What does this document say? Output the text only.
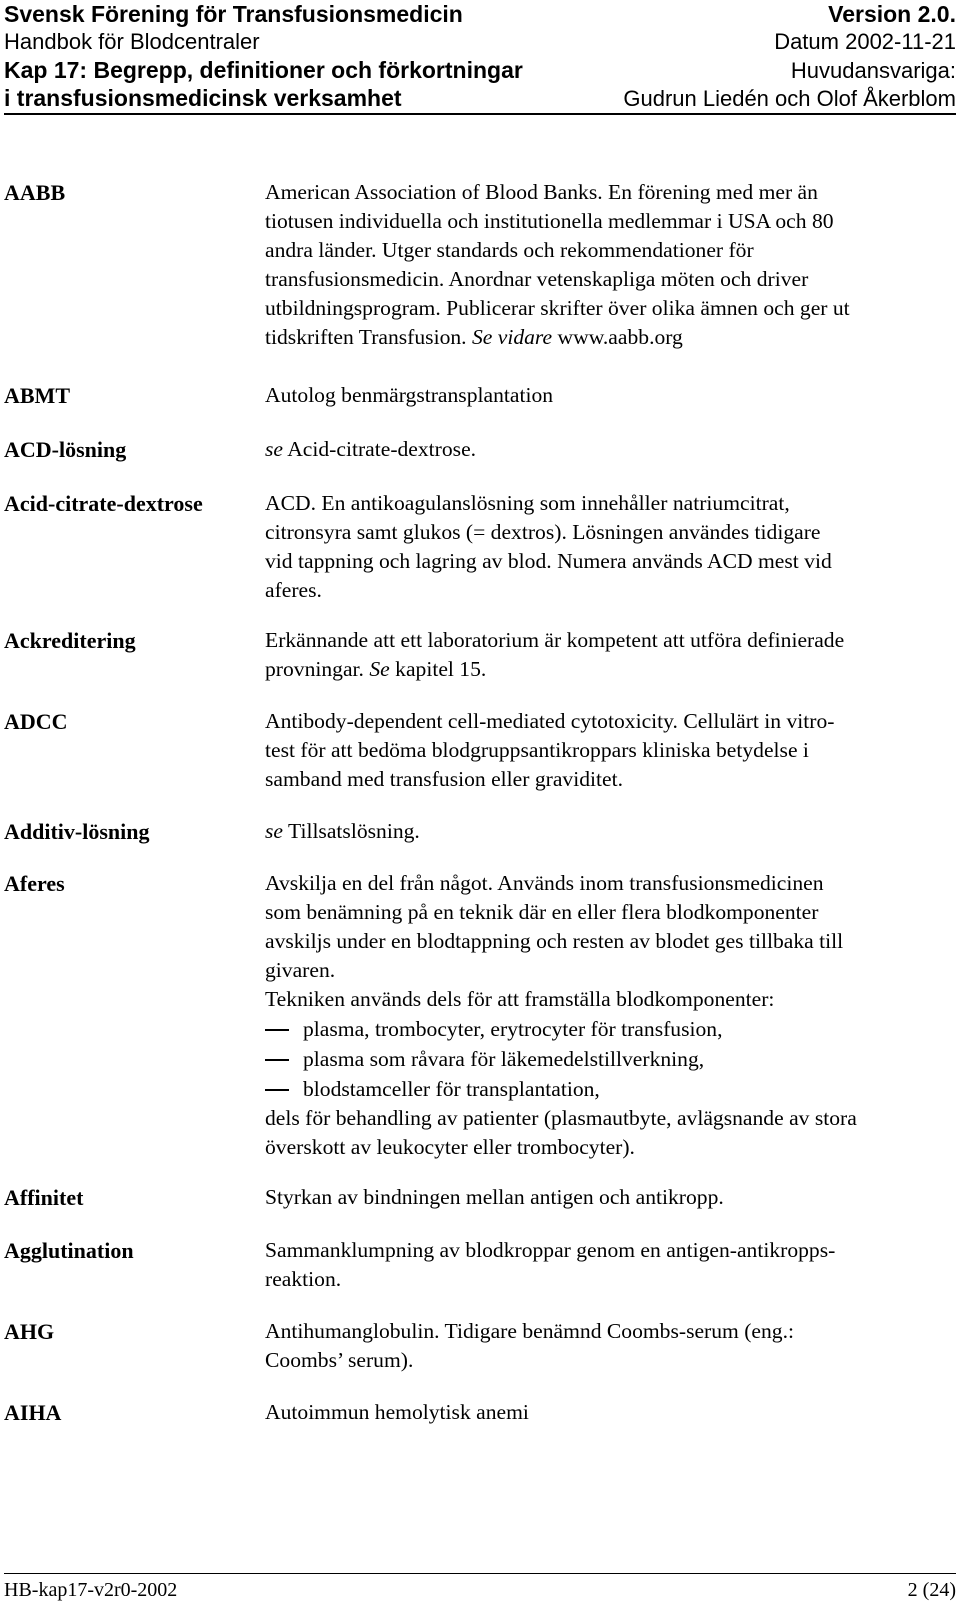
Svensk Förening för Transfusionsmedicin	Version 2.0.
Handbok för Blodcentraler	Datum 2002-11-21
Kap 17: Begrepp, definitioner och förkortningar	Huvudansvariga:
i transfusionsmedicinsk verksamhet	Gudrun Liedén och Olof Åkerblom
AABB	American Association of Blood Banks. En förening med mer än
tiotusen individuella och institutionella medlemmar i USA och 80
andra länder. Utger standards och rekommendationer för
transfusionsmedicin. Anordnar vetenskapliga möten och driver
utbildningsprogram. Publicerar skrifter över olika ämnen och ger ut
tidskriften Transfusion. Se vidare www.aabb.org
ABMT	Autolog benmärgstransplantation
ACD-lösning	se Acid-citrate-dextrose.
Acid-citrate-dextrose	ACD. En antikoagulanslösning som innehåller natriumcitrat,
citronsyra samt glukos (= dextros). Lösningen användes tidigare
vid tappning och lagring av blod. Numera används ACD mest vid
aferes.
Ackreditering	Erkännande att ett laboratorium är kompetent att utföra definierade
provningar. Se kapitel 15.
ADCC	Antibody-dependent cell-mediated cytotoxicity. Cellulärt in vitro-
test för att bedöma blodgruppsantikroppars kliniska betydelse i
samband med transfusion eller graviditet.
Additiv-lösning	se Tillsatslösning.
Aferes	Avskilja en del från något. Används inom transfusionsmedicinen
som benämning på en teknik där en eller flera blodkomponenter
avskiljs under en blodtappning och resten av blodet ges tillbaka till
givaren.
Tekniken används dels för att framställa blodkomponenter:
plasma, trombocyter, erytrocyter för transfusion,
plasma som råvara för läkemedelstillverkning,
blodstamceller för transplantation,
dels för behandling av patienter (plasmautbyte, avlägsnande av stora
överskott av leukocyter eller trombocyter).
Affinitet	Styrkan av bindningen mellan antigen och antikropp.
Agglutination	Sammanklumpning av blodkroppar genom en antigen-antikropps-
reaktion.
AHG	Antihumanglobulin. Tidigare benämnd Coombs-serum (eng.:
Coombs’ serum).
AIHA	Autoimmun hemolytisk anemi
HB-kap17-v2r0-2002	2 (24)
